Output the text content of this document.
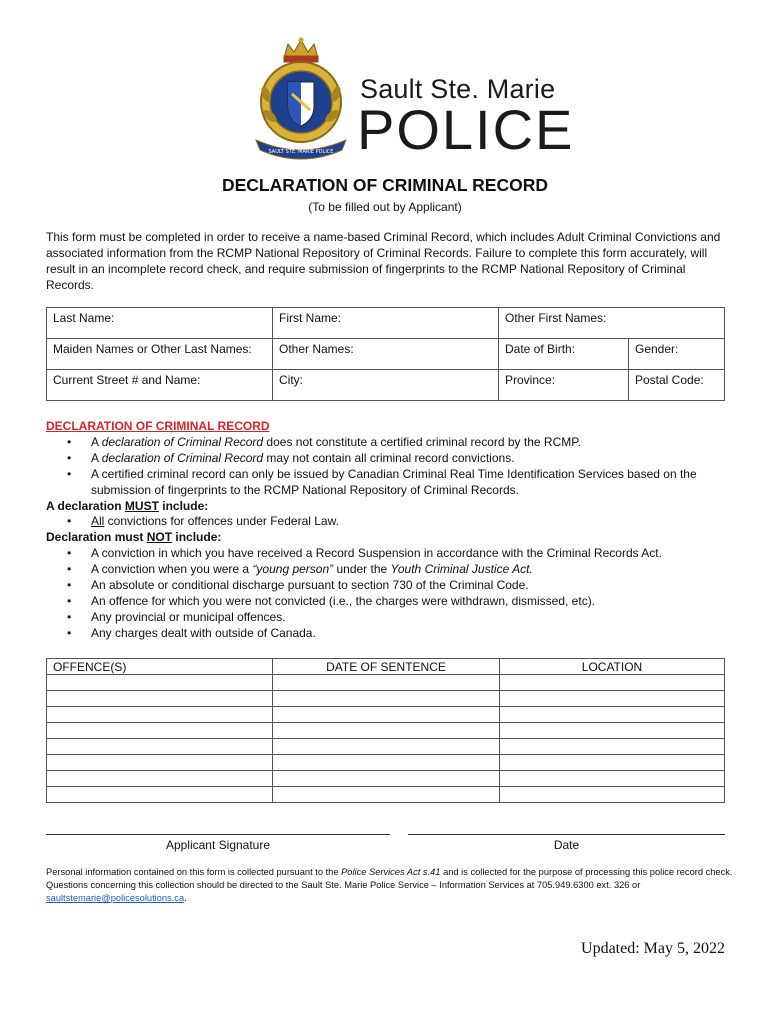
SAULT STE. MARIE POLICE
Sault Ste. Marie
POLICE
DECLARATION OF CRIMINAL RECORD
(To be filled out by Applicant)
This form must be completed in order to receive a name-based Criminal Record, which includes Adult Criminal Convictions and associated information from the RCMP National Repository of Criminal Records. Failure to complete this form accurately, will result in an incomplete record check, and require submission of fingerprints to the RCMP National Repository of Criminal Records.
Last Name:	First Name:	Other First Names:	
Maiden Names or Other Last Names:	Other Names:	Date of Birth:	Gender:
Current Street # and Name:	City:	Province:	Postal Code:
DECLARATION OF CRIMINAL RECORD
• A declaration of Criminal Record does not constitute a certified criminal record by the RCMP.
• A declaration of Criminal Record may not contain all criminal record convictions.
• A certified criminal record can only be issued by Canadian Criminal Real Time Identification Services based on the submission of fingerprints to the RCMP National Repository of Criminal Records.
A declaration MUST include:
• All convictions for offences under Federal Law.
Declaration must NOT include:
• A conviction in which you have received a Record Suspension in accordance with the Criminal Records Act.
• A conviction when you were a “young person” under the Youth Criminal Justice Act.
• An absolute or conditional discharge pursuant to section 730 of the Criminal Code.
• An offence for which you were not convicted (i.e., the charges were withdrawn, dismissed, etc).
• Any provincial or municipal offences.
• Any charges dealt with outside of Canada.
OFFENCE(S)	DATE OF SENTENCE	LOCATION

Applicant Signature	Date
Personal information contained on this form is collected pursuant to the Police Services Act s.41 and is collected for the purpose of processing this police record check. Questions concerning this collection should be directed to the Sault Ste. Marie Police Service – Information Services at 705.949.6300 ext. 326 or saultstemarie@policesolutions.ca.
Updated: May 5, 2022
